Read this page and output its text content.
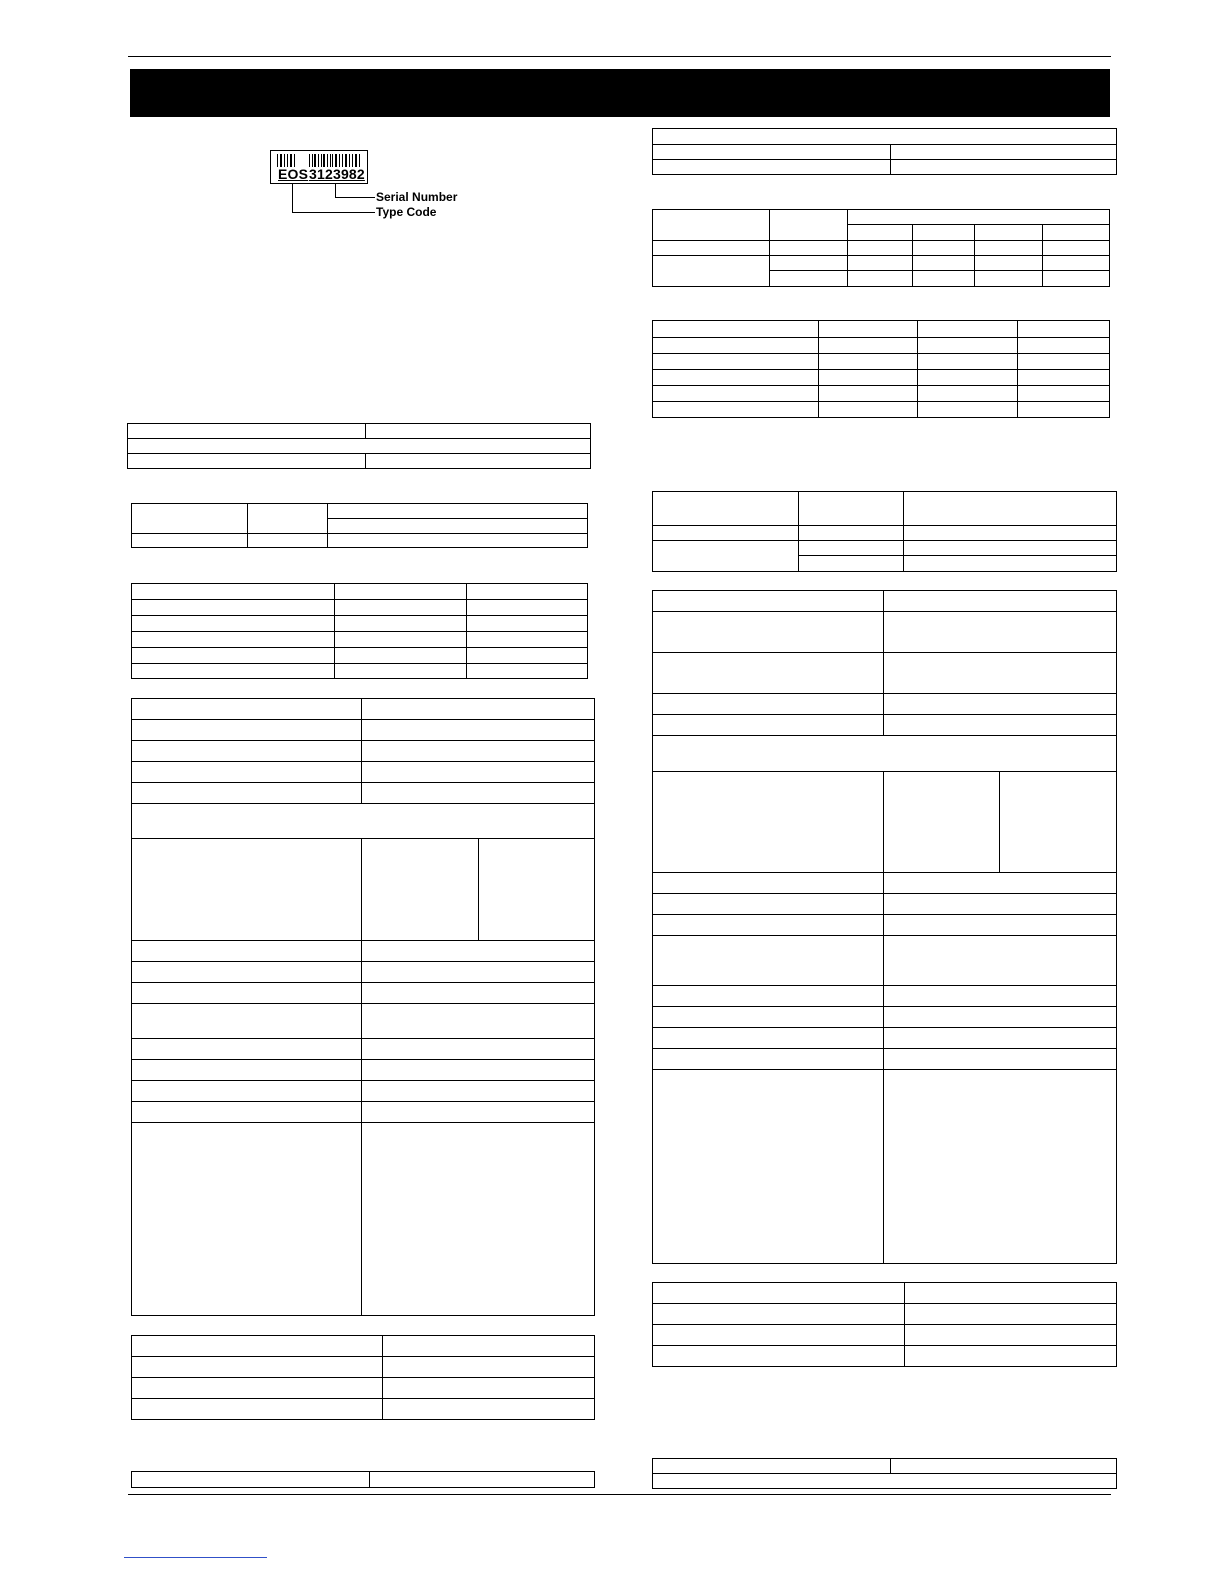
EOS 3123982
Serial Number
Type Code
